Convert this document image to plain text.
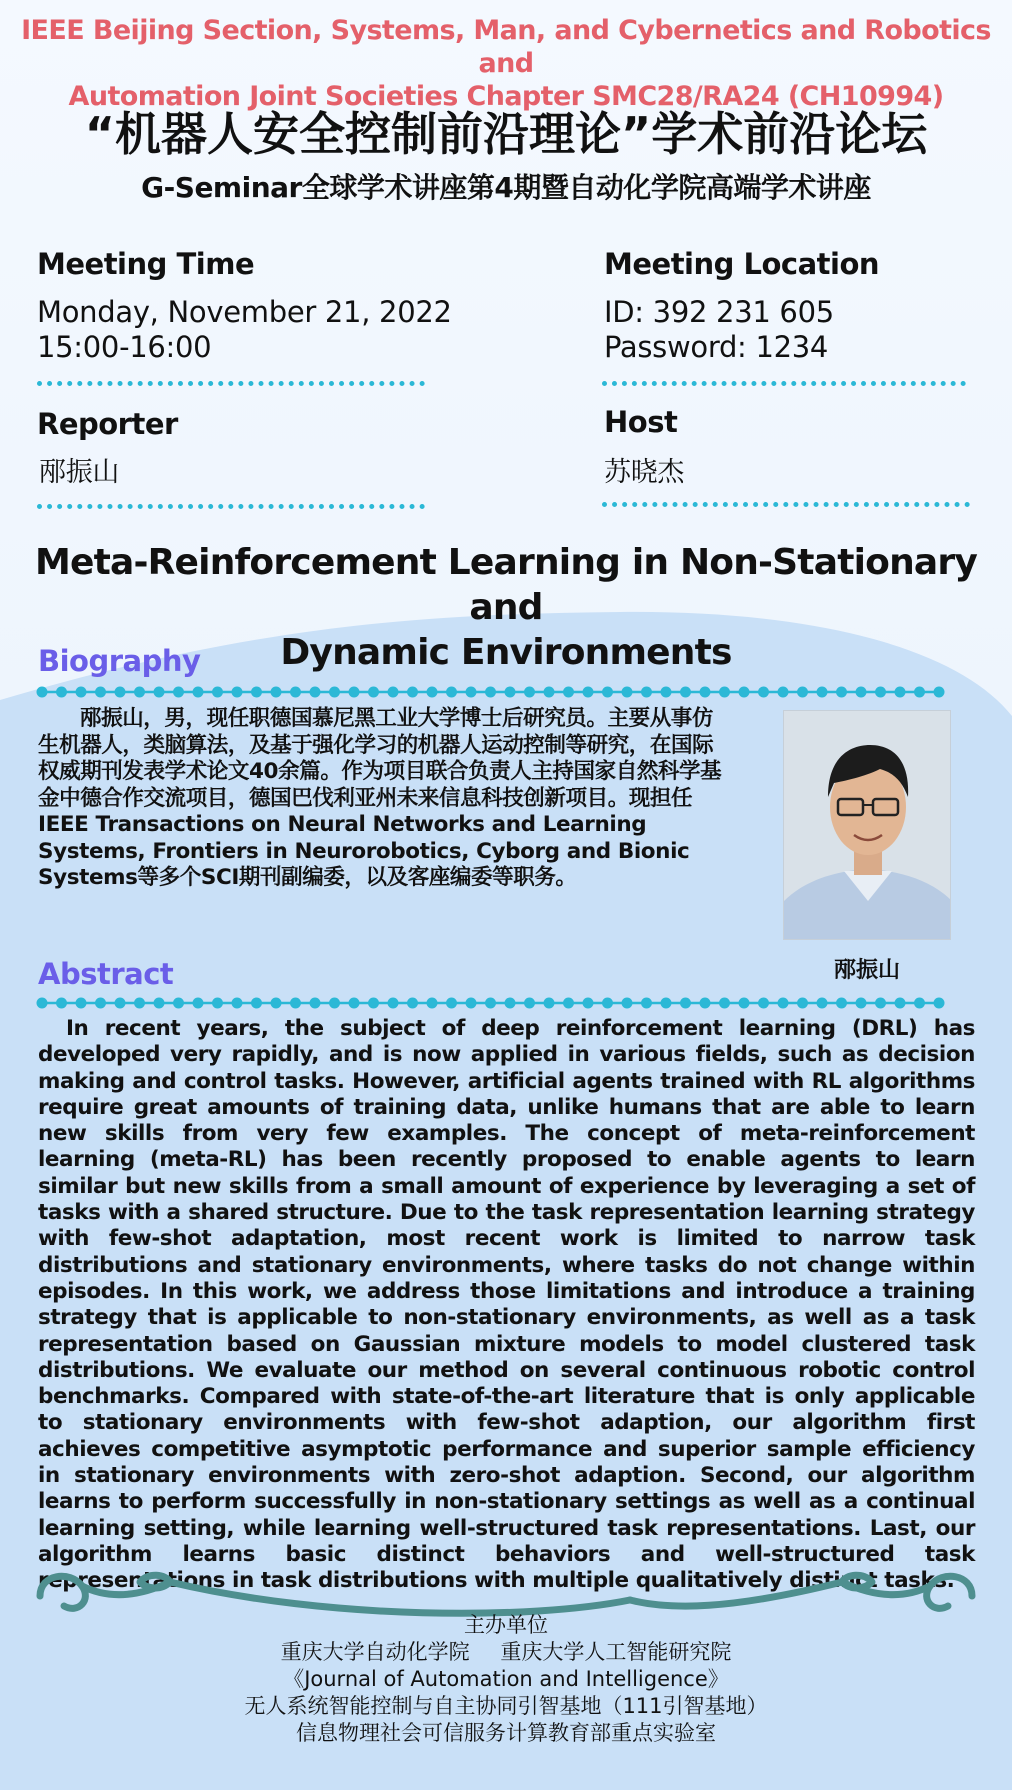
IEEE Beijing Section, Systems, Man, and Cybernetics and Robotics and
Automation Joint Societies Chapter SMC28/RA24 (CH10994)
“机器人安全控制前沿理论”学术前沿论坛
G-Seminar全球学术讲座第4期暨自动化学院高端学术讲座
Meeting Time
Monday, November 21, 2022
15:00-16:00
Meeting Location
ID: 392 231 605
Password: 1234
Reporter
邴振山
Host
苏晓杰
Meta-Reinforcement Learning in Non-Stationary and
Dynamic Environments
Biography
邴振山，男，现任职德国慕尼黑工业大学博士后研究员。主要从事仿生机器人，类脑算法，及基于强化学习的机器人运动控制等研究，在国际权威期刊发表学术论文40余篇。作为项目联合负责人主持国家自然科学基金中德合作交流项目，德国巴伐利亚州未来信息科技创新项目。现担任IEEE Transactions on Neural Networks and Learning Systems, Frontiers in Neurorobotics, Cyborg and Bionic Systems等多个SCI期刊副编委，以及客座编委等职务。
邴振山
Abstract
In recent years, the subject of deep reinforcement learning (DRL) has developed very rapidly, and is now applied in various fields, such as decision making and control tasks. However, artificial agents trained with RL algorithms require great amounts of training data, unlike humans that are able to learn new skills from very few examples. The concept of meta-reinforcement learning (meta-RL) has been recently proposed to enable agents to learn similar but new skills from a small amount of experience by leveraging a set of tasks with a shared structure. Due to the task representation learning strategy with few-shot adaptation, most recent work is limited to narrow task distributions and stationary environments, where tasks do not change within episodes. In this work, we address those limitations and introduce a training strategy that is applicable to non-stationary environments, as well as a task representation based on Gaussian mixture models to model clustered task distributions. We evaluate our method on several continuous robotic control benchmarks. Compared with state-of-the-art literature that is only applicable to stationary environments with few-shot adaption, our algorithm first achieves competitive asymptotic performance and superior sample efficiency in stationary environments with zero-shot adaption. Second, our algorithm learns to perform successfully in non-stationary settings as well as a continual learning setting, while learning well-structured task representations. Last, our algorithm learns basic distinct behaviors and well-structured task representations in task distributions with multiple qualitatively distinct tasks.
主办单位
重庆大学自动化学院 重庆大学人工智能研究院
《Journal of Automation and Intelligence》
无人系统智能控制与自主协同引智基地（111引智基地）
信息物理社会可信服务计算教育部重点实验室
